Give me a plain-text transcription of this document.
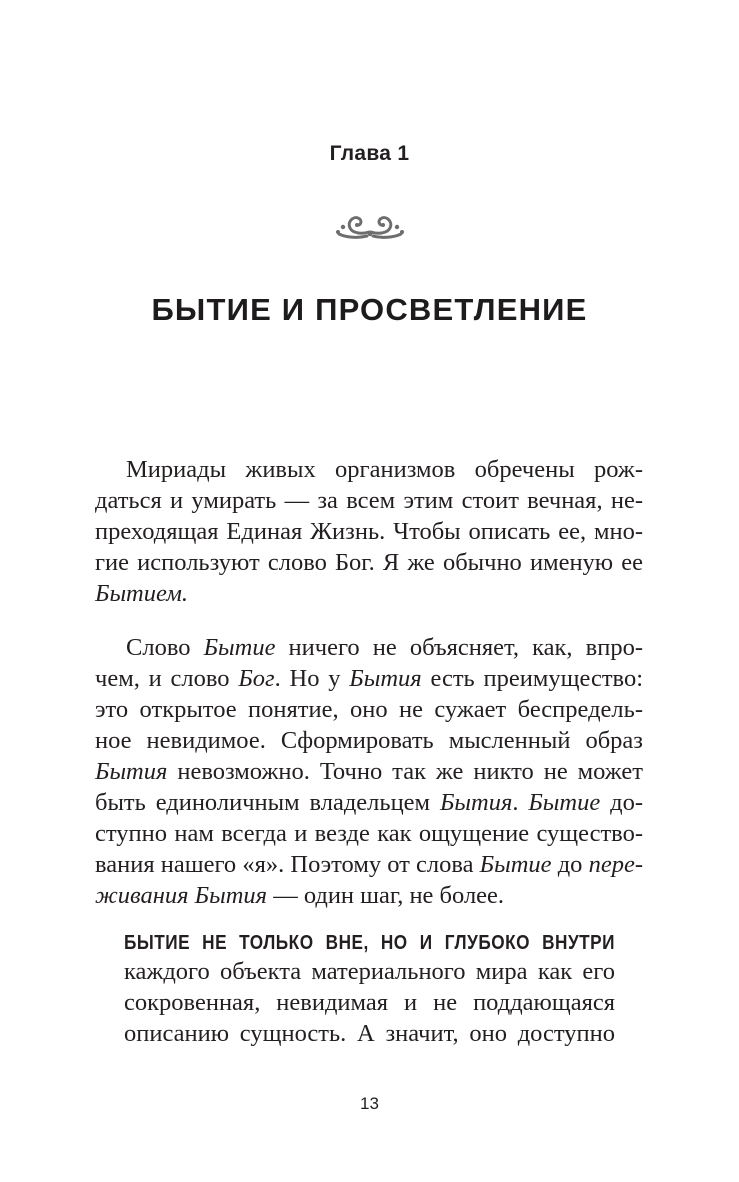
Глава 1
БЫТИЕ И ПРОСВЕТЛЕНИЕ
Мириады живых организмов обречены рож-
даться и умирать — за всем этим стоит вечная, не-
преходящая Единая Жизнь. Чтобы описать ее, мно-
гие используют слово Бог. Я же обычно именую ее
Бытием.
Слово Бытие ничего не объясняет, как, впро-
чем, и слово Бог. Но у Бытия есть преимущество:
это открытое понятие, оно не сужает беспредель-
ное невидимое. Сформировать мысленный образ
Бытия невозможно. Точно так же никто не может
быть единоличным владельцем Бытия. Бытие до-
ступно нам всегда и везде как ощущение существо-
вания нашего «я». Поэтому от слова Бытие до пере-
живания Бытия — один шаг, не более.
БЫТИЕ НЕ ТОЛЬКО ВНЕ, НО И ГЛУБОКО ВНУТРИ
каждого объекта материального мира как его
сокровенная, невидимая и не поддающаяся
описанию сущность. А значит, оно доступно
13
